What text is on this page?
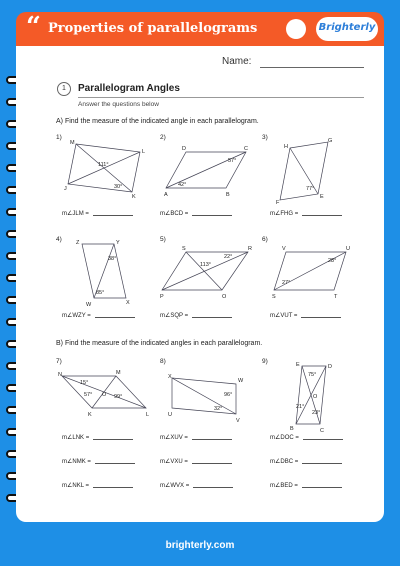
“ Properties of parallelograms	Brighterly
Name:
1	Parallelogram Angles
Answer the questions below
A) Find the measure of the indicated angle in each parallelogram.
1)
M
L
J
K
111°
30°
m∠JLM =
2)
D	C
A	B
57°
42°
m∠BCD =
3)
H
G
F
E
77°
m∠FHG =
4)	Z	Y
W	X
38°
85°
m∠WZY =
5)
S	R
P	Q
113°
22°
m∠SQP =
6)
V	U
S	T
28°
27°
m∠VUT =
B) Find the measure of the indicated angles in each parallelogram.
7)
N	M
K	L
15°
57°	99°
O
m∠LNK =
m∠NMK =
m∠NKL =
8)
X
W
U
V
96°
32°
m∠XUV =
m∠VXU =
m∠WVX =
9)	E	D
B	C
75°
21°
23°
O
m∠DOC =
m∠DBC =
m∠BED =
brighterly.com
